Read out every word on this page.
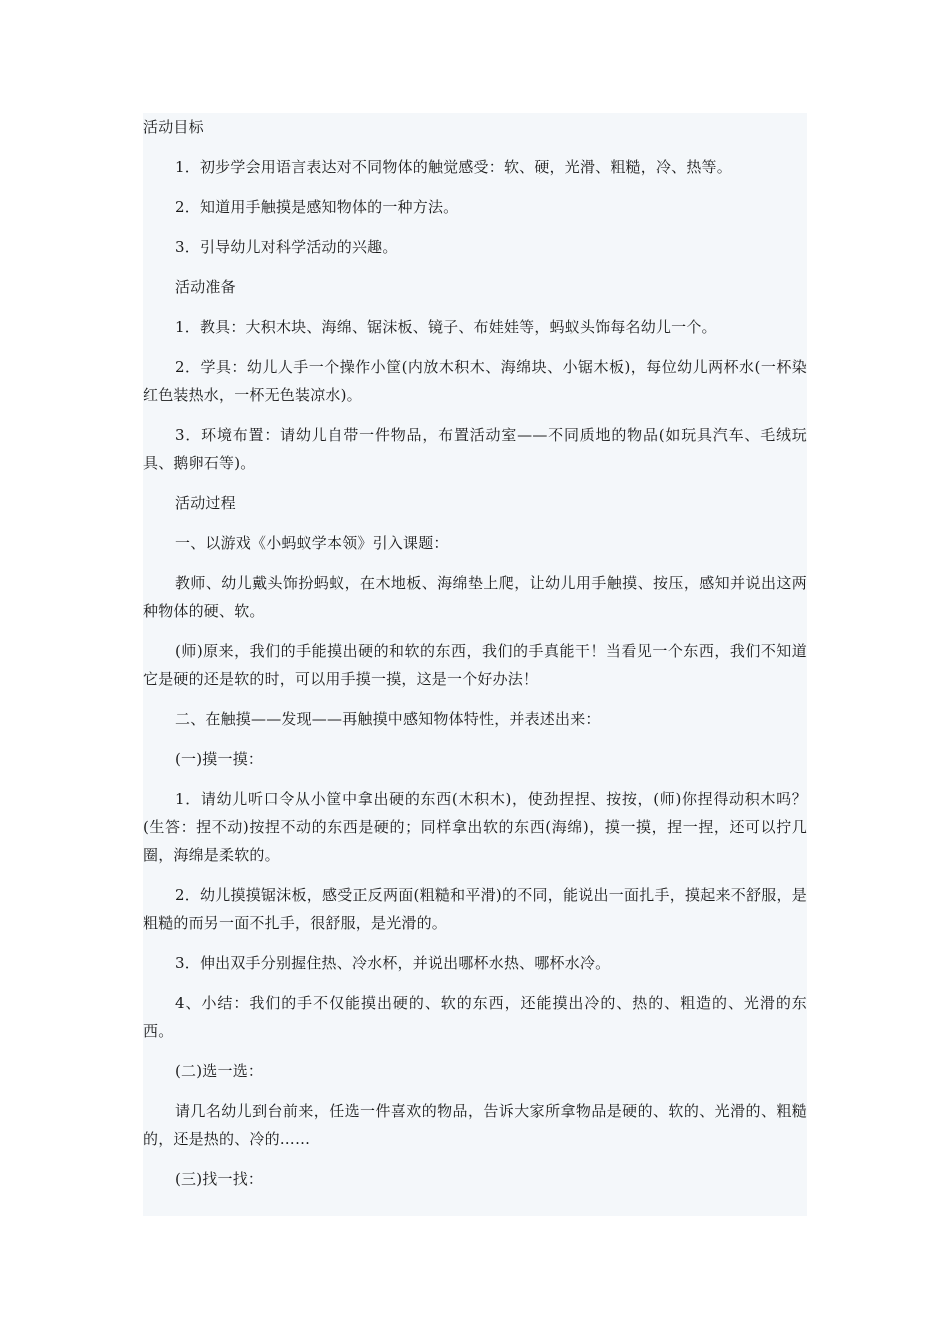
活动目标

1．初步学会用语言表达对不同物体的触觉感受：软、硬，光滑、粗糙，冷、热等。

2．知道用手触摸是感知物体的一种方法。

3．引导幼儿对科学活动的兴趣。

活动准备

1．教具：大积木块、海绵、锯沫板、镜子、布娃娃等，蚂蚁头饰每名幼儿一个。

2．学具：幼儿人手一个操作小筐(内放木积木、海绵块、小锯木板)，每位幼儿两杯水(一杯染红色装热水，一杯无色装凉水)。

3．环境布置：请幼儿自带一件物品，布置活动室——不同质地的物品(如玩具汽车、毛绒玩具、鹅卵石等)。

活动过程

一、以游戏《小蚂蚁学本领》引入课题：

教师、幼儿戴头饰扮蚂蚁，在木地板、海绵垫上爬，让幼儿用手触摸、按压，感知并说出这两种物体的硬、软。

(师)原来，我们的手能摸出硬的和软的东西，我们的手真能干！当看见一个东西，我们不知道它是硬的还是软的时，可以用手摸一摸，这是一个好办法！

二、在触摸——发现——再触摸中感知物体特性，并表述出来：

(一)摸一摸：

1．请幼儿听口令从小筐中拿出硬的东西(木积木)，使劲捏捏、按按，(师)你捏得动积木吗？(生答：捏不动)按捏不动的东西是硬的；同样拿出软的东西(海绵)，摸一摸，捏一捏，还可以拧几圈，海绵是柔软的。

2．幼儿摸摸锯沫板，感受正反两面(粗糙和平滑)的不同，能说出一面扎手，摸起来不舒服，是粗糙的而另一面不扎手，很舒服，是光滑的。

3．伸出双手分别握住热、冷水杯，并说出哪杯水热、哪杯水冷。

4、小结：我们的手不仅能摸出硬的、软的东西，还能摸出冷的、热的、粗造的、光滑的东西。

(二)选一选：

请几名幼儿到台前来，任选一件喜欢的物品，告诉大家所拿物品是硬的、软的、光滑的、粗糙的，还是热的、冷的……

(三)找一找：
